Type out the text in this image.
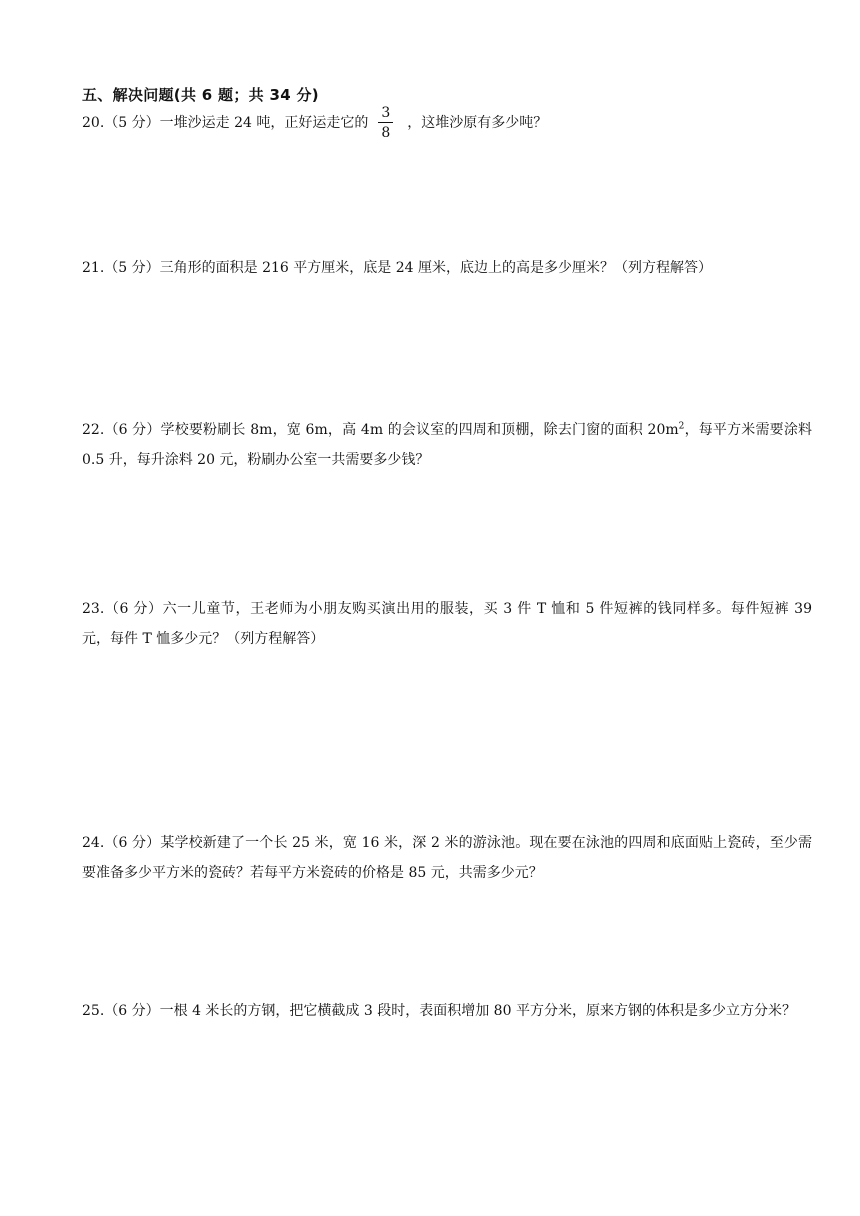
五、解决问题(共 6 题；共 34 分)
20.（5 分）一堆沙运走 24 吨，正好运走它的 $\frac{3}{8}$ ，这堆沙原有多少吨？
21.（5 分）三角形的面积是 216 平方厘米，底是 24 厘米，底边上的高是多少厘米？（列方程解答）
22.（6 分）学校要粉刷长 8m，宽 6m，高 4m 的会议室的四周和顶棚，除去门窗的面积 $20m^2$，每平方米需要涂料 0.5 升，每升涂料 20 元，粉刷办公室一共需要多少钱？
23.（6 分）六一儿童节，王老师为小朋友购买演出用的服装，买 3 件 T 恤和 5 件短裤的钱同样多。每件短裤 39 元，每件 T 恤多少元？（列方程解答）
24.（6 分）某学校新建了一个长 25 米，宽 16 米，深 2 米的游泳池。现在要在泳池的四周和底面贴上瓷砖，至少需要准备多少平方米的瓷砖？若每平方米瓷砖的价格是 85 元，共需多少元？
25.（6 分）一根 4 米长的方钢，把它横截成 3 段时，表面积增加 80 平方分米，原来方钢的体积是多少立方分米？
